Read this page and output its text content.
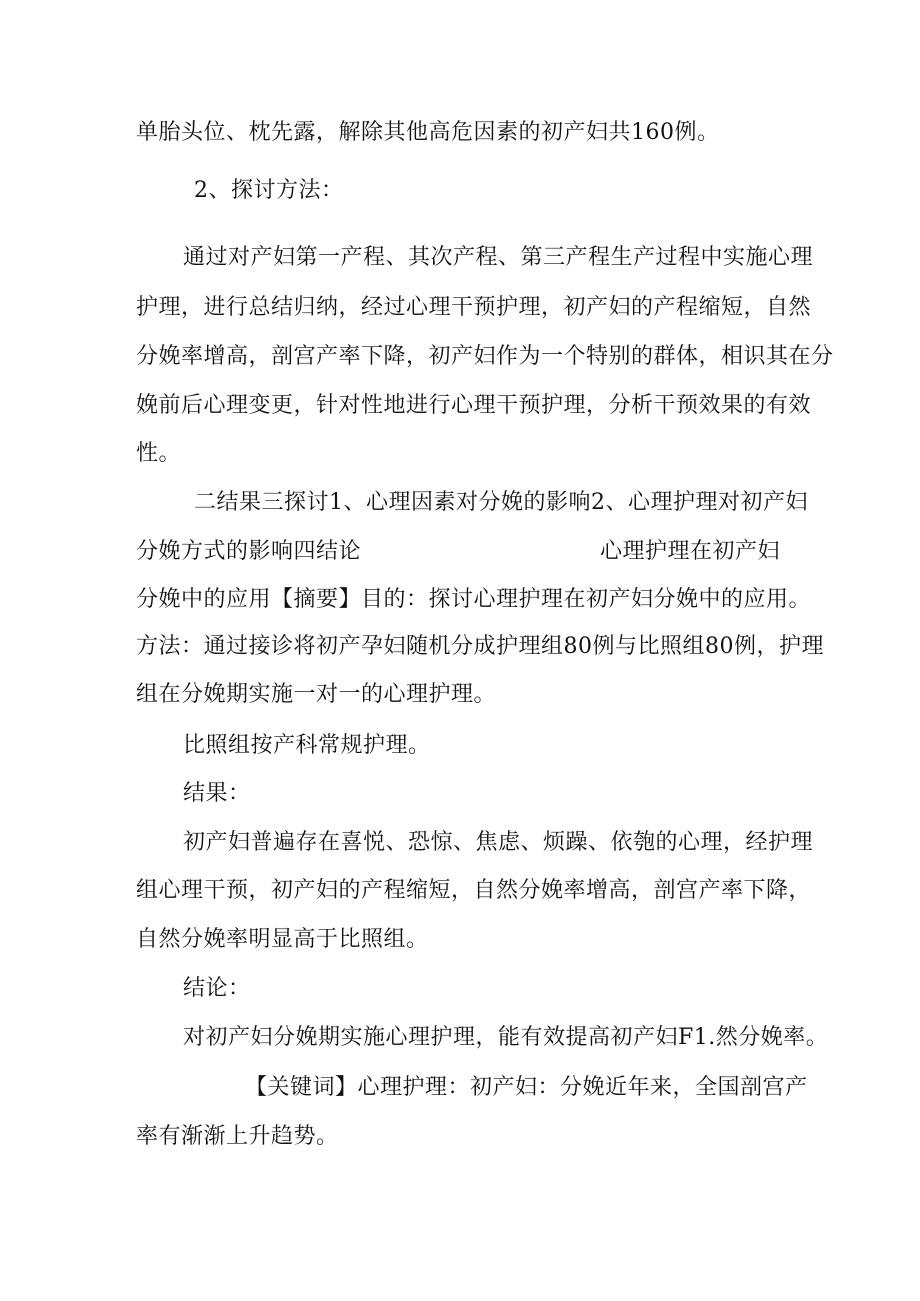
单胎头位、枕先露，解除其他高危因素的初产妇共160例。
2、探讨方法：
通过对产妇第一产程、其次产程、第三产程生产过程中实施心理
护理，进行总结归纳，经过心理干预护理，初产妇的产程缩短，自然
分娩率增高，剖宫产率下降，初产妇作为一个特别的群体，相识其在分
娩前后心理变更，针对性地进行心理干预护理，分析干预效果的有效
性。
二结果三探讨1、心理因素对分娩的影响2、心理护理对初产妇
分娩方式的影响四结论	心理护理在初产妇
分娩中的应用【摘要】目的：探讨心理护理在初产妇分娩中的应用。
方法：通过接诊将初产孕妇随机分成护理组80例与比照组80例，护理
组在分娩期实施一对一的心理护理。
比照组按产科常规护理。
结果：
初产妇普遍存在喜悦、恐惊、焦虑、烦躁、依匏的心理，经护理
组心理干预，初产妇的产程缩短，自然分娩率增高，剖宫产率下降，
自然分娩率明显高于比照组。
结论：
对初产妇分娩期实施心理护理，能有效提高初产妇F1.然分娩率。
【关键词】心理护理：初产妇：分娩近年来，全国剖宫产
率有渐渐上升趋势。
